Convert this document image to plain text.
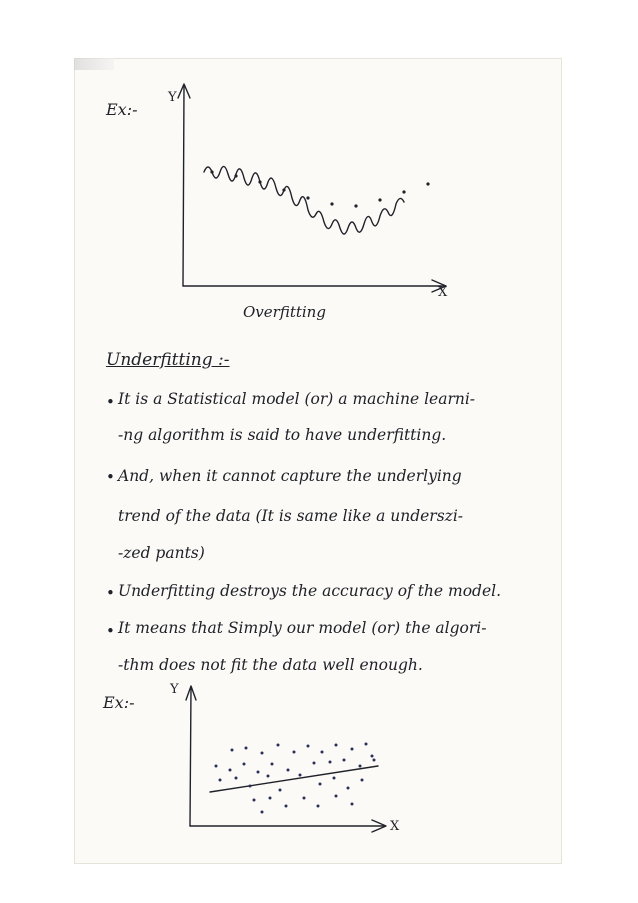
Ex:-
Y
X
Overfitting
Underfitting :-
• It is a Statistical model (or) a machine learni-
-ng algorithm is said to have underfitting.
• And, when it cannot capture the underlying
trend of the data (It is same like a underszi-
-zed pants)
• Underfitting destroys the accuracy of the model.
• It means that Simply our model (or) the algori-
-thm does not fit the data well enough.
Ex:-
Y
X
